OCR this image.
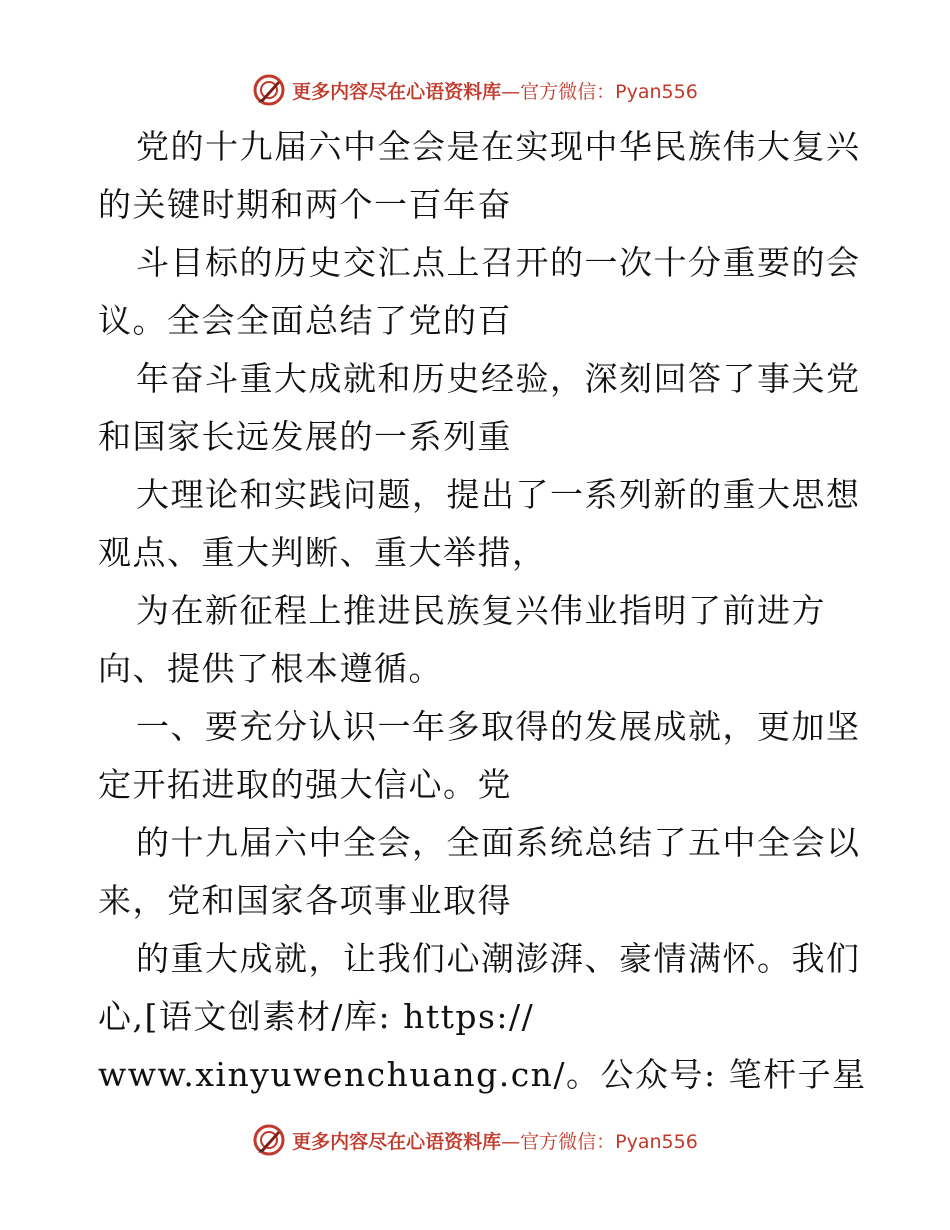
更多内容尽在心语资料库—官方微信：Pyan556
党的十九届六中全会是在实现中华民族伟大复兴
的关键时期和两个一百年奋
斗目标的历史交汇点上召开的一次十分重要的会
议。全会全面总结了党的百
年奋斗重大成就和历史经验，深刻回答了事关党
和国家长远发展的一系列重
大理论和实践问题，提出了一系列新的重大思想
观点、重大判断、重大举措，
为在新征程上推进民族复兴伟业指明了前进方
向、提供了根本遵循。
一、要充分认识一年多取得的发展成就，更加坚
定开拓进取的强大信心。党
的十九届六中全会，全面系统总结了五中全会以
来，党和国家各项事业取得
的重大成就，让我们心潮澎湃、豪情满怀。我们
心,[语文创素材/库: https://
www.xinyuwenchuang.cn/。公众号: 笔杆子星
更多内容尽在心语资料库—官方微信：Pyan556
